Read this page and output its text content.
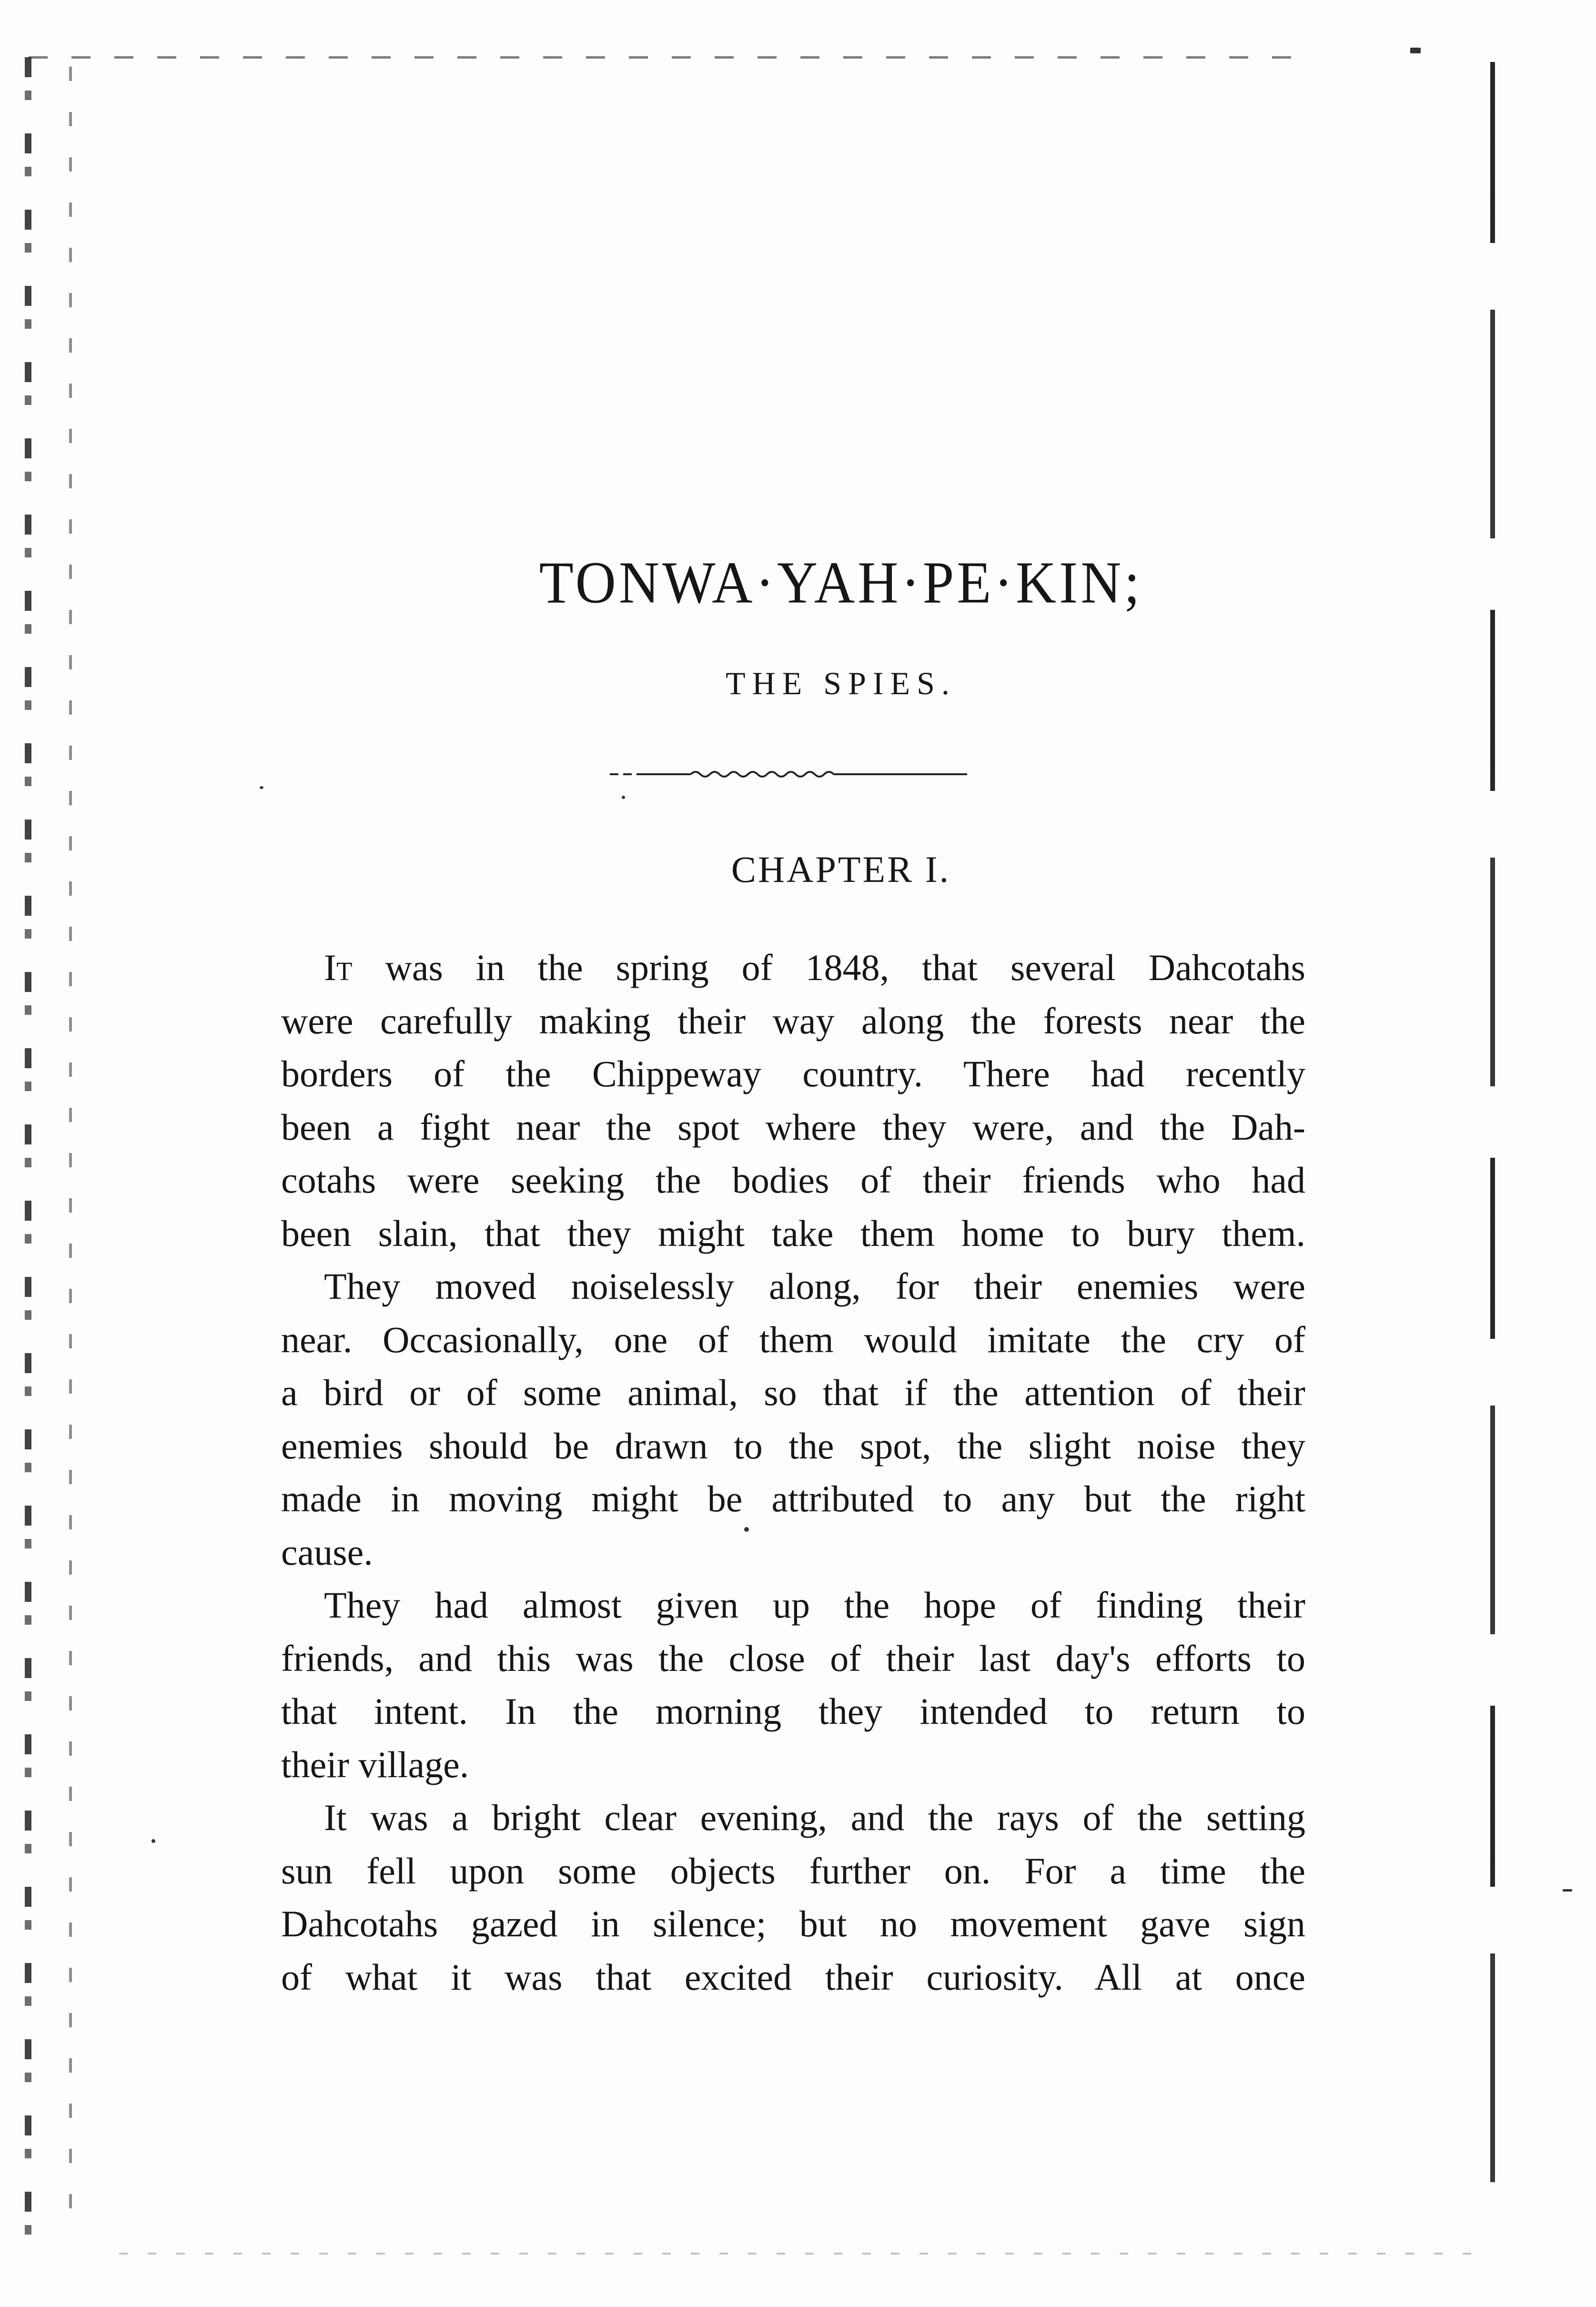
TONWA·YAH·PE·KIN;
THE SPIES.
CHAPTER I.
It was in the spring of 1848, that several Dahcotahs
were carefully making their way along the forests near the
borders of the Chippeway country. There had recently
been a fight near the spot where they were, and the Dah-
cotahs were seeking the bodies of their friends who had
been slain, that they might take them home to bury them.
They moved noiselessly along, for their enemies were
near. Occasionally, one of them would imitate the cry of
a bird or of some animal, so that if the attention of their
enemies should be drawn to the spot, the slight noise they
made in moving might be attributed to any but the right
cause.
They had almost given up the hope of finding their
friends, and this was the close of their last day's efforts to
that intent. In the morning they intended to return to
their village.
It was a bright clear evening, and the rays of the setting
sun fell upon some objects further on. For a time the
Dahcotahs gazed in silence; but no movement gave sign
of what it was that excited their curiosity. All at once
